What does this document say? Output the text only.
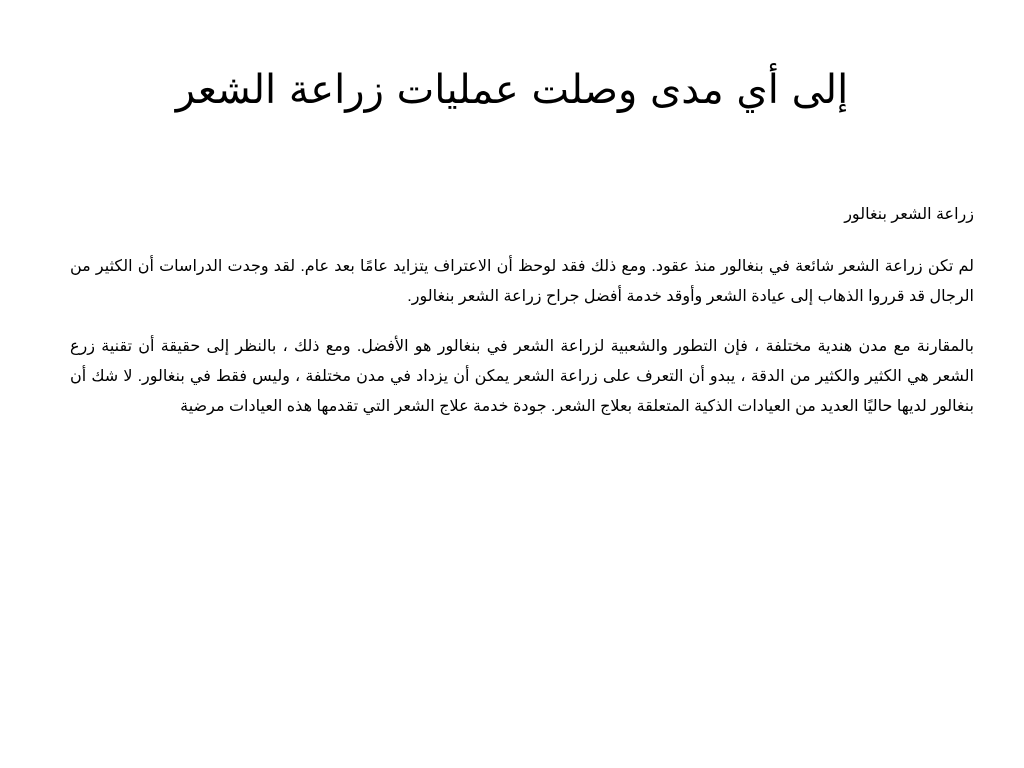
إلى أي مدى وصلت عمليات زراعة الشعر

زراعة الشعر بنغالور

لم تكن زراعة الشعر شائعة في بنغالور منذ عقود. ومع ذلك فقد لوحظ أن الاعتراف يتزايد عامًا بعد عام. لقد وجدت الدراسات أن الكثير من الرجال قد قرروا الذهاب إلى عيادة الشعر وأوقد خدمة أفضل جراح زراعة الشعر بنغالور.

بالمقارنة مع مدن هندية مختلفة ، فإن التطور والشعبية لزراعة الشعر في بنغالور هو الأفضل. ومع ذلك ، بالنظر إلى حقيقة أن تقنية زرع الشعر هي الكثير والكثير من الدقة ، يبدو أن التعرف على زراعة الشعر يمكن أن يزداد في مدن مختلفة ، وليس فقط في بنغالور. لا شك أن بنغالور لديها حاليًا العديد من العيادات الذكية المتعلقة بعلاج الشعر. جودة خدمة علاج الشعر التي تقدمها هذه العيادات مرضية
